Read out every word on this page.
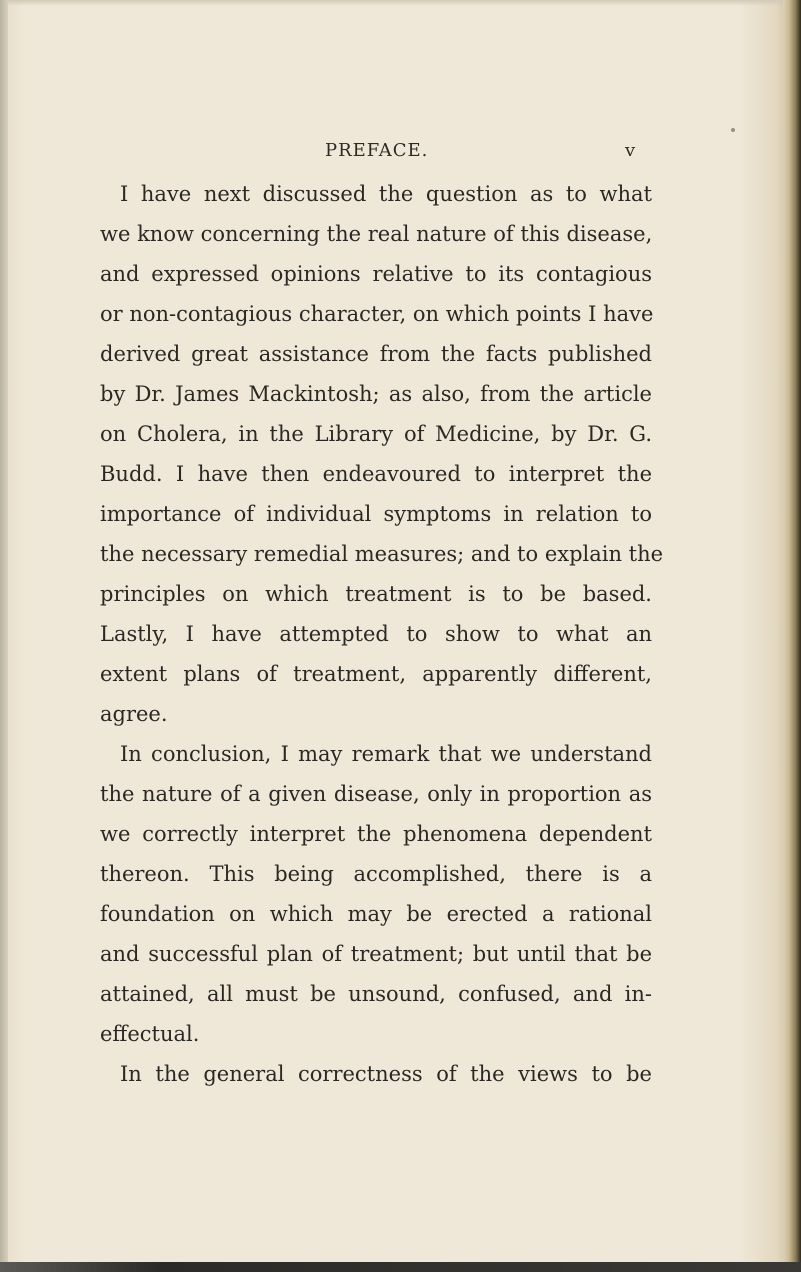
PREFACE.	v
I have next discussed the question as to what
we know concerning the real nature of this disease,
and expressed opinions relative to its contagious
or non-contagious character, on which points I have
derived great assistance from the facts published
by Dr. James Mackintosh; as also, from the article
on Cholera, in the Library of Medicine, by Dr. G.
Budd. I have then endeavoured to interpret the
importance of individual symptoms in relation to
the necessary remedial measures; and to explain the
principles on which treatment is to be based.
Lastly, I have attempted to show to what an
extent plans of treatment, apparently different,
agree.
In conclusion, I may remark that we understand
the nature of a given disease, only in proportion as
we correctly interpret the phenomena dependent
thereon. This being accomplished, there is a
foundation on which may be erected a rational
and successful plan of treatment; but until that be
attained, all must be unsound, confused, and in-
effectual.
In the general correctness of the views to be
